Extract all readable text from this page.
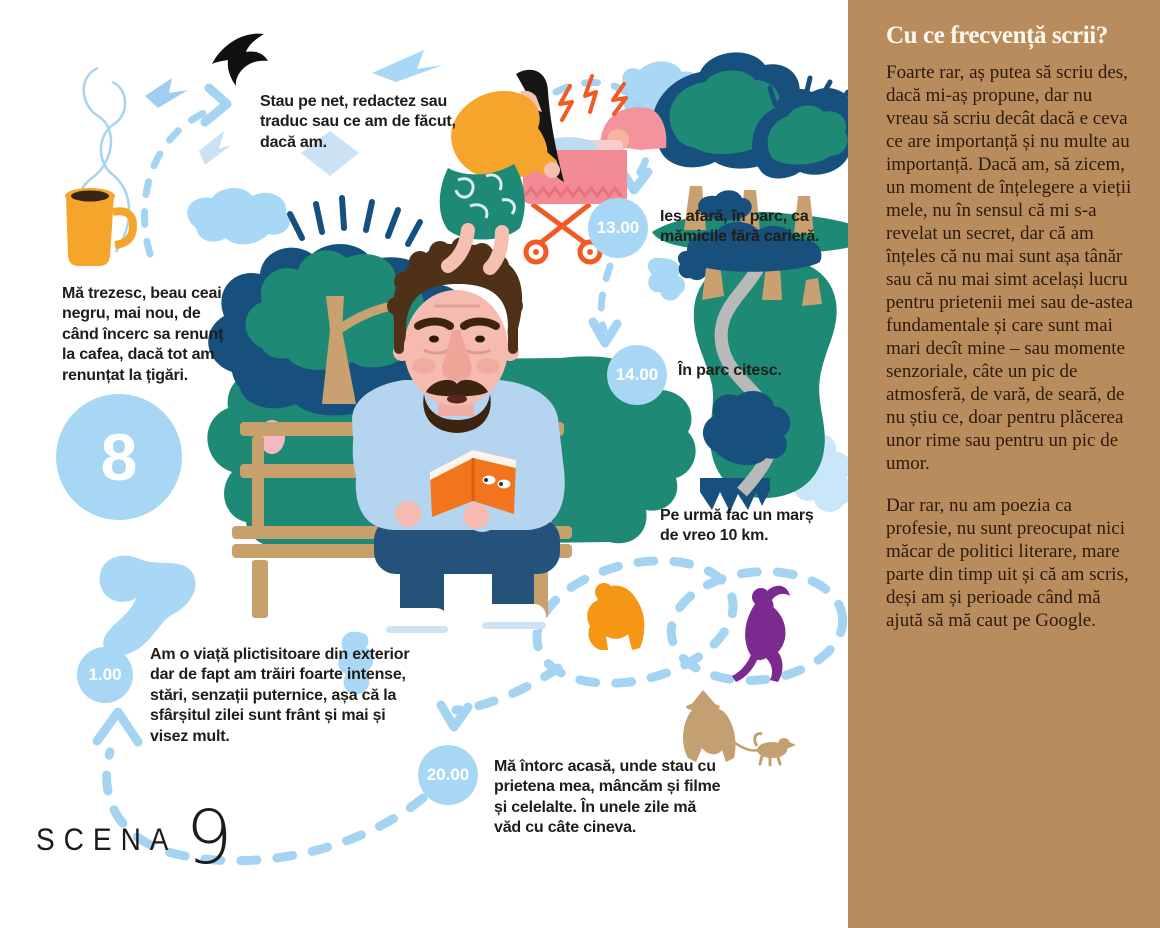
Stau pe net, redactez sau traduc sau ce am de făcut, dacă am.
Mă trezesc, beau ceai negru, mai nou, de când încerc sa renunț la cafea, dacă tot am renunțat la țigări.
Ies afară, în parc, ca mămicile fără carieră.
În parc citesc.
Pe urmă fac un marș de vreo 10 km.
Mă întorc acasă, unde stau cu prietena mea, mâncăm și filme și celelalte. În unele zile mă văd cu câte cineva.
Am o viață plictisitoare din exterior dar de fapt am trăiri foarte intense, stări, senzații puternice, așa că la sfârșitul zilei sunt frânt și mai și visez mult.
8
13.00
14.00
20.00
1.00
SCENA 9
Cu ce frecvență scrii?

Foarte rar, aș putea să scriu des, dacă mi-aș propune, dar nu vreau să scriu decât dacă e ceva ce are importanță și nu multe au importanță. Dacă am, să zicem, un moment de înțelegere a vieții mele, nu în sensul că mi s-a revelat un secret, dar că am înțeles că nu mai sunt așa tânăr sau că nu mai simt același lucru pentru prietenii mei sau de-astea fundamentale și care sunt mai mari decît mine – sau momente senzoriale, câte un pic de atmosferă, de vară, de seară, de nu știu ce, doar pentru plăcerea unor rime sau pentru un pic de umor.

Dar rar, nu am poezia ca profesie, nu sunt preocupat nici măcar de politici literare, mare parte din timp uit și că am scris, deși am și perioade când mă ajută să mă caut pe Google.
